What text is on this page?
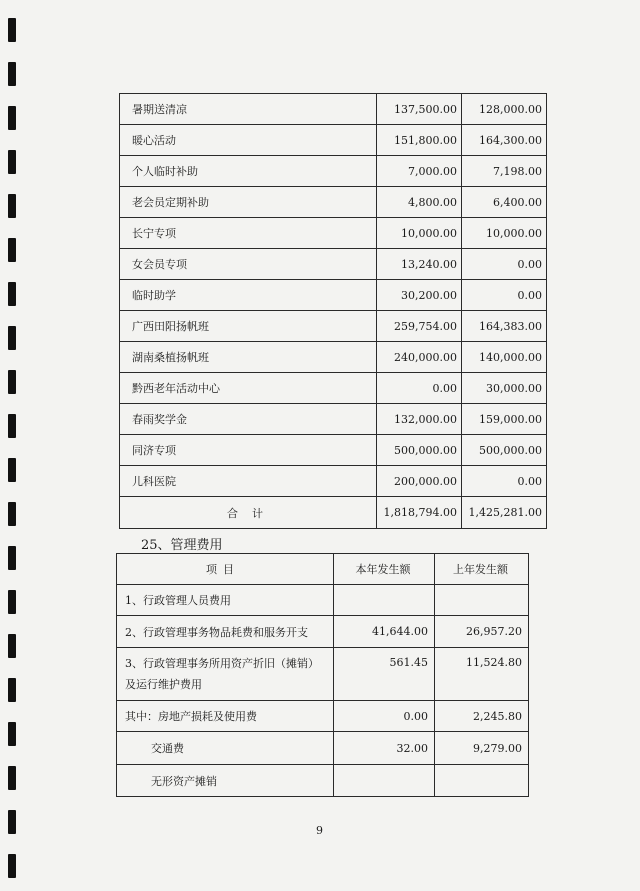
暑期送清凉	137,500.00	128,000.00
暖心活动	151,800.00	164,300.00
个人临时补助	7,000.00	7,198.00
老会员定期补助	4,800.00	6,400.00
长宁专项	10,000.00	10,000.00
女会员专项	13,240.00	0.00
临时助学	30,200.00	0.00
广西田阳扬帆班	259,754.00	164,383.00
湖南桑植扬帆班	240,000.00	140,000.00
黔西老年活动中心	0.00	30,000.00
春雨奖学金	132,000.00	159,000.00
同济专项	500,000.00	500,000.00
儿科医院	200,000.00	0.00
合计	1,818,794.00	1,425,281.00
25、管理费用
项目	本年发生额	上年发生额
1、行政管理人员费用		
2、行政管理事务物品耗费和服务开支	41,644.00	26,957.20

3、行政管理事务所用资产折旧（摊销）
及运行维护费用	561.45	11,524.80
其中：房地产损耗及使用费	0.00	2,245.80
交通费	32.00	9,279.00
无形资产摊销		
9
